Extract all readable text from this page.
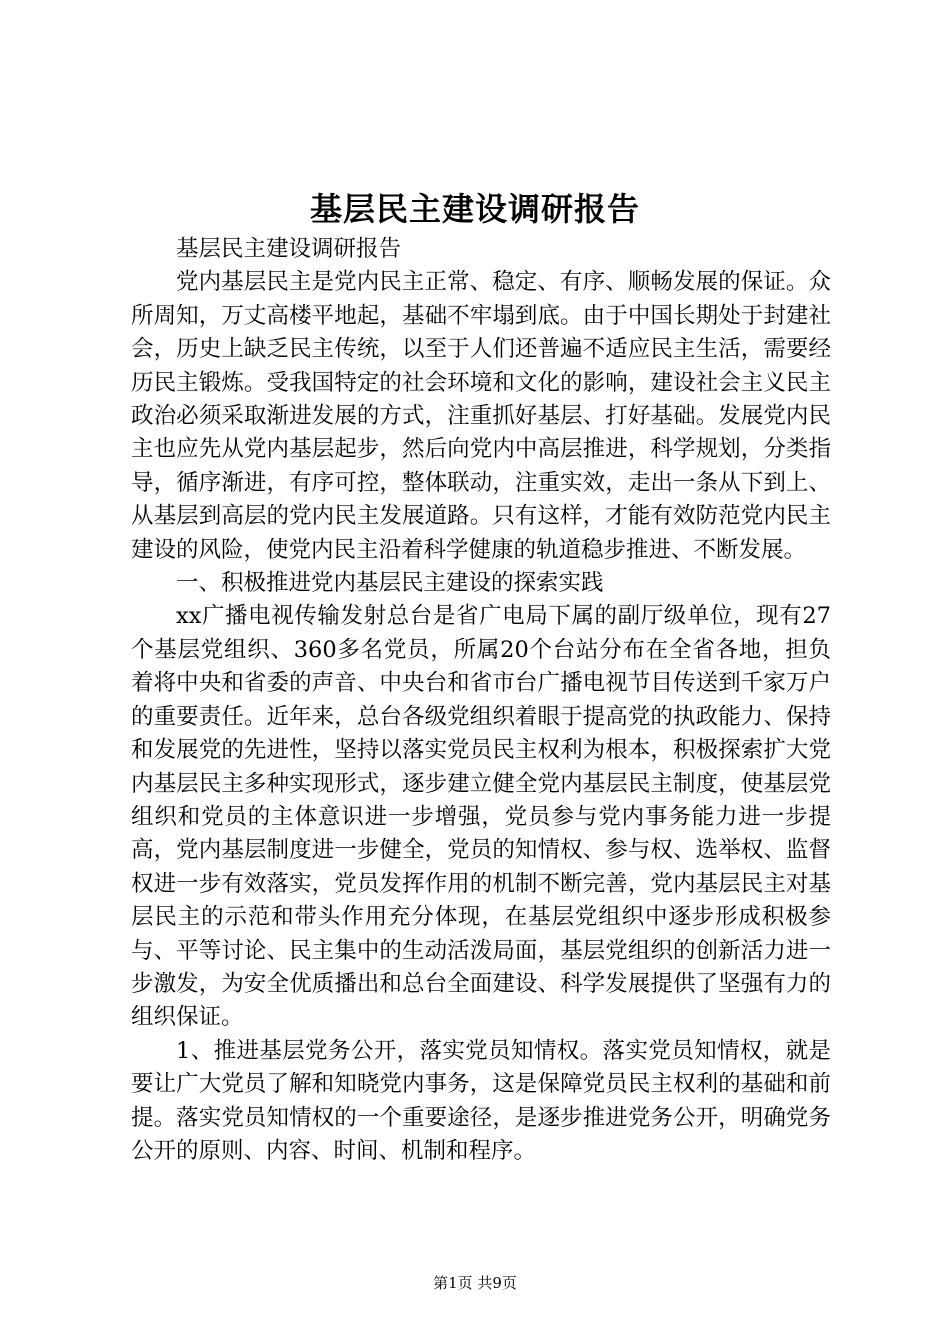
基层民主建设调研报告

基层民主建设调研报告

党内基层民主是党内民主正常、稳定、有序、顺畅发展的保证。众所周知，万丈高楼平地起，基础不牢塌到底。由于中国长期处于封建社会，历史上缺乏民主传统，以至于人们还普遍不适应民主生活，需要经历民主锻炼。受我国特定的社会环境和文化的影响，建设社会主义民主政治必须采取渐进发展的方式，注重抓好基层、打好基础。发展党内民主也应先从党内基层起步，然后向党内中高层推进，科学规划，分类指导，循序渐进，有序可控，整体联动，注重实效，走出一条从下到上、从基层到高层的党内民主发展道路。只有这样，才能有效防范党内民主建设的风险，使党内民主沿着科学健康的轨道稳步推进、不断发展。

一、积极推进党内基层民主建设的探索实践

xx广播电视传输发射总台是省广电局下属的副厅级单位，现有27个基层党组织、360多名党员，所属20个台站分布在全省各地，担负着将中央和省委的声音、中央台和省市台广播电视节目传送到千家万户的重要责任。近年来，总台各级党组织着眼于提高党的执政能力、保持和发展党的先进性，坚持以落实党员民主权利为根本，积极探索扩大党内基层民主多种实现形式，逐步建立健全党内基层民主制度，使基层党组织和党员的主体意识进一步增强，党员参与党内事务能力进一步提高，党内基层制度进一步健全，党员的知情权、参与权、选举权、监督权进一步有效落实，党员发挥作用的机制不断完善，党内基层民主对基层民主的示范和带头作用充分体现，在基层党组织中逐步形成积极参与、平等讨论、民主集中的生动活泼局面，基层党组织的创新活力进一步激发，为安全优质播出和总台全面建设、科学发展提供了坚强有力的组织保证。

1、推进基层党务公开，落实党员知情权。落实党员知情权，就是要让广大党员了解和知晓党内事务，这是保障党员民主权利的基础和前提。落实党员知情权的一个重要途径，是逐步推进党务公开，明确党务公开的原则、内容、时间、机制和程序。

第1页 共9页
